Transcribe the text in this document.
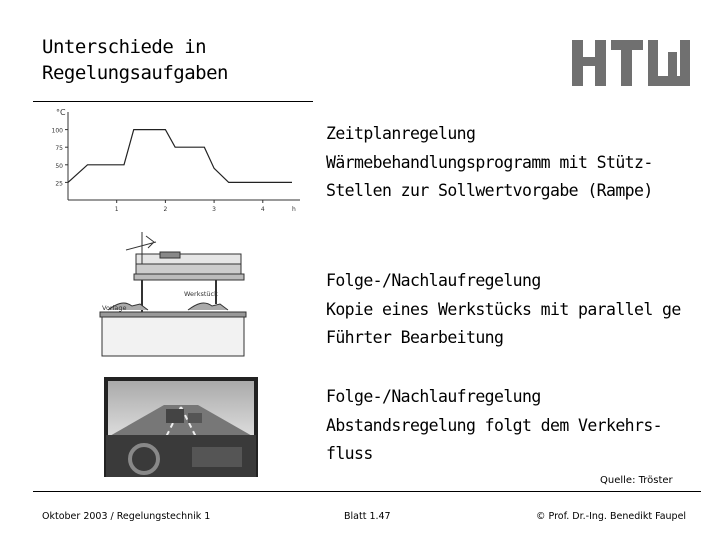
Unterschiede in
Regelungsaufgaben
°C
100
75
50
25
1	2	3	4	h
Vorlage
Werkstück
Zeitplanregelung
Wärmebehandlungsprogramm mit Stütz-
Stellen zur Sollwertvorgabe (Rampe)
Folge-/Nachlaufregelung
Kopie eines Werkstücks mit parallel ge
Führter Bearbeitung
Folge-/Nachlaufregelung
Abstandsregelung folgt dem Verkehrs-
fluss
Quelle: Tröster
Oktober 2003 / Regelungstechnik 1	Blatt 1.47	© Prof. Dr.-Ing. Benedikt Faupel
